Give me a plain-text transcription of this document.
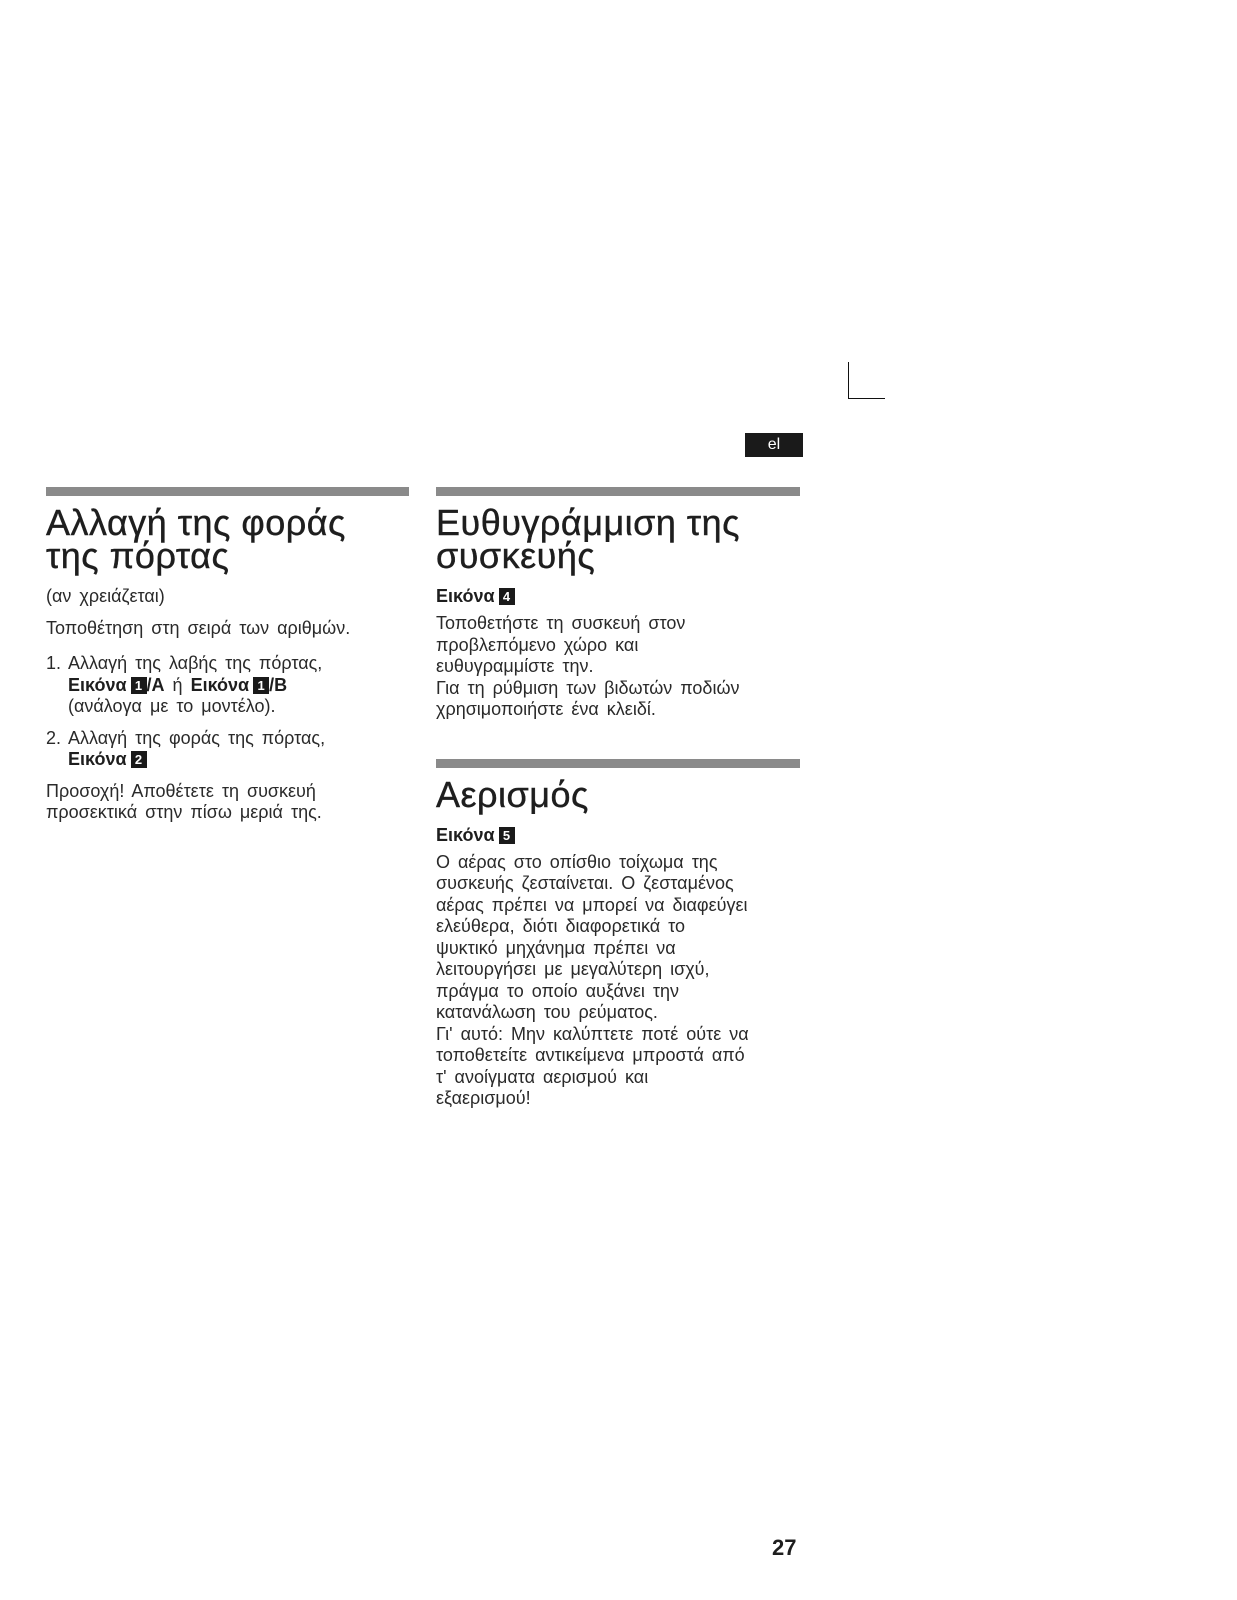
el
Αλλαγή της φοράς
της πόρτας

(αν χρειάζεται)

Τοποθέτηση στη σειρά των αριθμών.

1. Αλλαγή της λαβής της πόρτας,
Εικόνα 1 /A ή Εικόνα 1 /B
(ανάλογα με το μοντέλο).
2. Αλλαγή της φοράς της πόρτας,
Εικόνα 2

Προσοχή! Αποθέτετε τη συσκευή
προσεκτικά στην πίσω μεριά της.

Ευθυγράμμιση της
συσκευής
Εικόνα 4

Τοποθετήστε τη συσκευή στον
προβλεπόμενο χώρο και
ευθυγραμμίστε την.
Για τη ρύθμιση των βιδωτών ποδιών
χρησιμοποιήστε ένα κλειδί.

Αερισμός
Εικόνα 5

Ο αέρας στο οπίσθιο τοίχωμα της
συσκευής ζεσταίνεται. Ο ζεσταμένος
αέρας πρέπει να μπορεί να διαφεύγει
ελεύθερα, διότι διαφορετικά το
ψυκτικό μηχάνημα πρέπει να
λειτουργήσει με μεγαλύτερη ισχύ,
πράγμα το οποίο αυξάνει την
κατανάλωση του ρεύματος.
Γι' αυτό: Μην καλύπτετε ποτέ ούτε να
τοποθετείτε αντικείμενα μπροστά από
τ' ανοίγματα αερισμού και
εξαερισμού!

27
